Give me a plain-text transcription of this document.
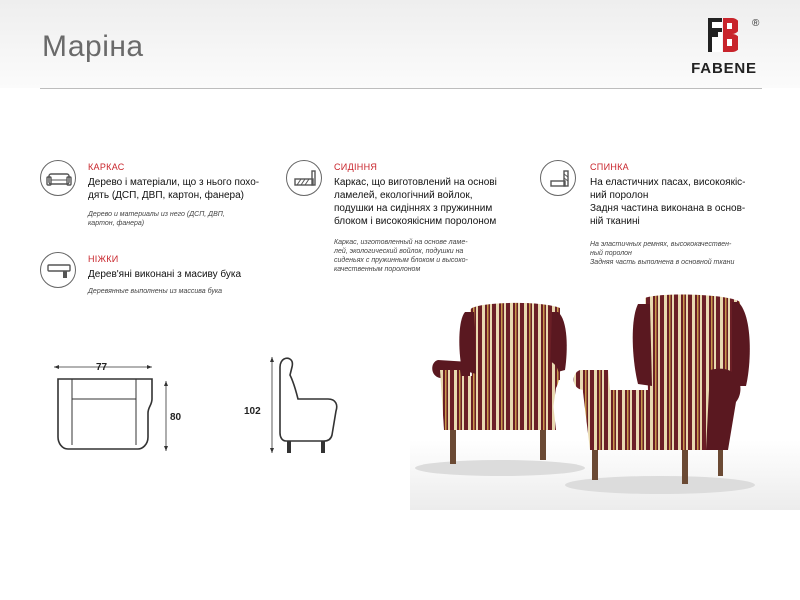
Маріна
FABENE
®
КАРКАС
Дерево і матеріали, що з нього похо-
дять (ДСП, ДВП, картон, фанера)
Дерево и материалы из него (ДСП, ДВП,
картон, фанера)
НІЖКИ
Дерев'яні виконані з масиву бука
Деревянные выполнены из массива бука
СИДІННЯ
Каркас, що виготовлений на основі
ламелей, екологічний войлок,
подушки на сидіннях з пружинним
блоком і високоякісним поролоном
Каркас, изготовленный на основе ламе-
лей, экологический войлок, подушки на
сиденьях с пружинным блоком и высоко-
качественным поролоном
СПИНКА
На еластичних пасах, високоякіс-
ний поролон
Задня частина виконана в основ-
ній тканині
На эластичных ремнях, высококачествен-
ный поролон
Задняя часть выполнена в основной ткани
77
80
102
